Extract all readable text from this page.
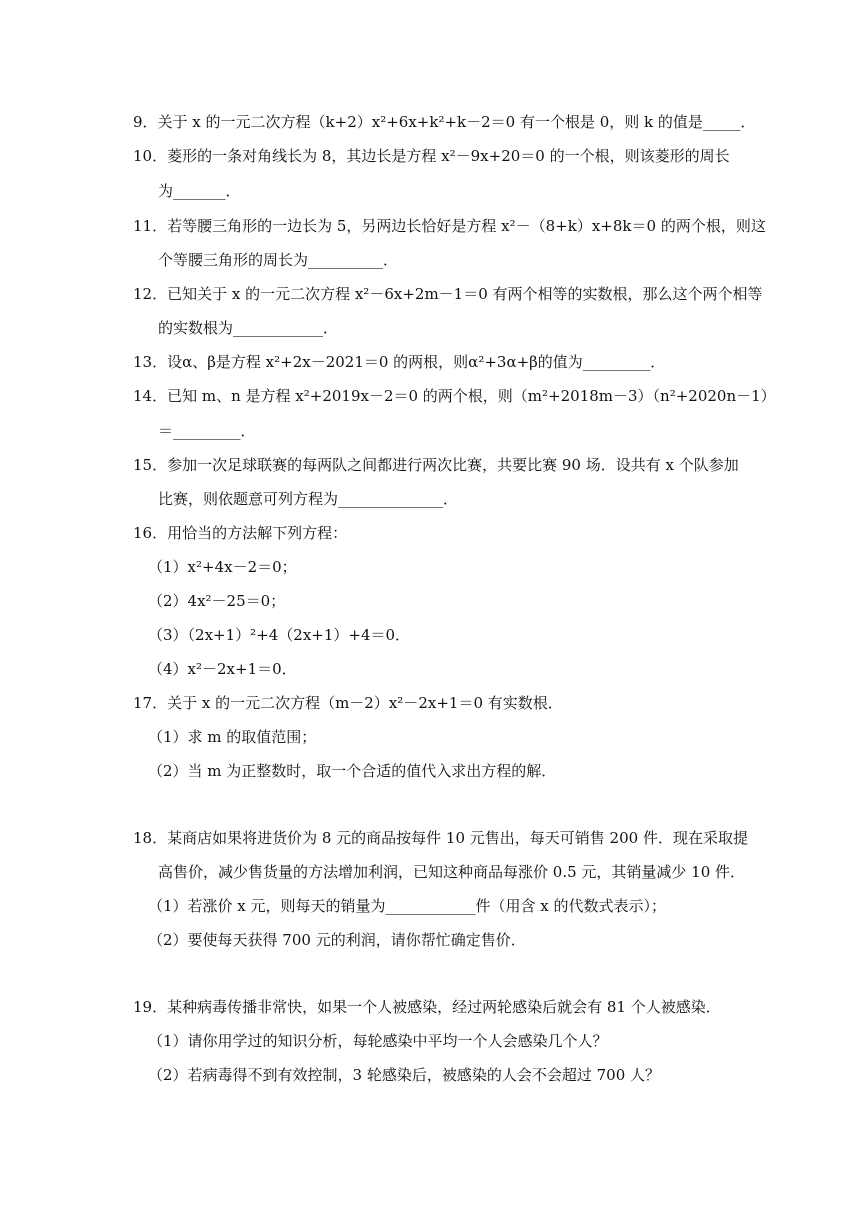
9．关于 x 的一元二次方程（k+2）x²+6x+k²+k－2＝0 有一个根是 0，则 k 的值是_____．
10．菱形的一条对角线长为 8，其边长是方程 x²－9x+20＝0 的一个根，则该菱形的周长
为_______．
11．若等腰三角形的一边长为 5，另两边长恰好是方程 x²－（8+k）x+8k＝0 的两个根，则这
个等腰三角形的周长为__________．
12．已知关于 x 的一元二次方程 x²－6x+2m－1＝0 有两个相等的实数根，那么这个两个相等
的实数根为____________．
13．设α、β是方程 x²+2x－2021＝0 的两根，则α²+3α+β的值为_________．
14．已知 m、n 是方程 x²+2019x－2＝0 的两个根，则（m²+2018m－3）（n²+2020n－1）
＝_________．
15．参加一次足球联赛的每两队之间都进行两次比赛，共要比赛 90 场．设共有 x 个队参加
比赛，则依题意可列方程为______________．
16．用恰当的方法解下列方程：
（1）x²+4x－2＝0；
（2）4x²－25＝0；
（3）（2x+1）²+4（2x+1）+4＝0．
（4）x²－2x+1＝0．
17．关于 x 的一元二次方程（m－2）x²－2x+1＝0 有实数根．
（1）求 m 的取值范围；
（2）当 m 为正整数时，取一个合适的值代入求出方程的解．
18．某商店如果将进货价为 8 元的商品按每件 10 元售出，每天可销售 200 件．现在采取提
高售价，减少售货量的方法增加利润，已知这种商品每涨价 0.5 元，其销量减少 10 件．
（1）若涨价 x 元，则每天的销量为____________件（用含 x 的代数式表示）；
（2）要使每天获得 700 元的利润，请你帮忙确定售价．
19．某种病毒传播非常快，如果一个人被感染，经过两轮感染后就会有 81 个人被感染．
（1）请你用学过的知识分析，每轮感染中平均一个人会感染几个人？
（2）若病毒得不到有效控制，3 轮感染后，被感染的人会不会超过 700 人？
